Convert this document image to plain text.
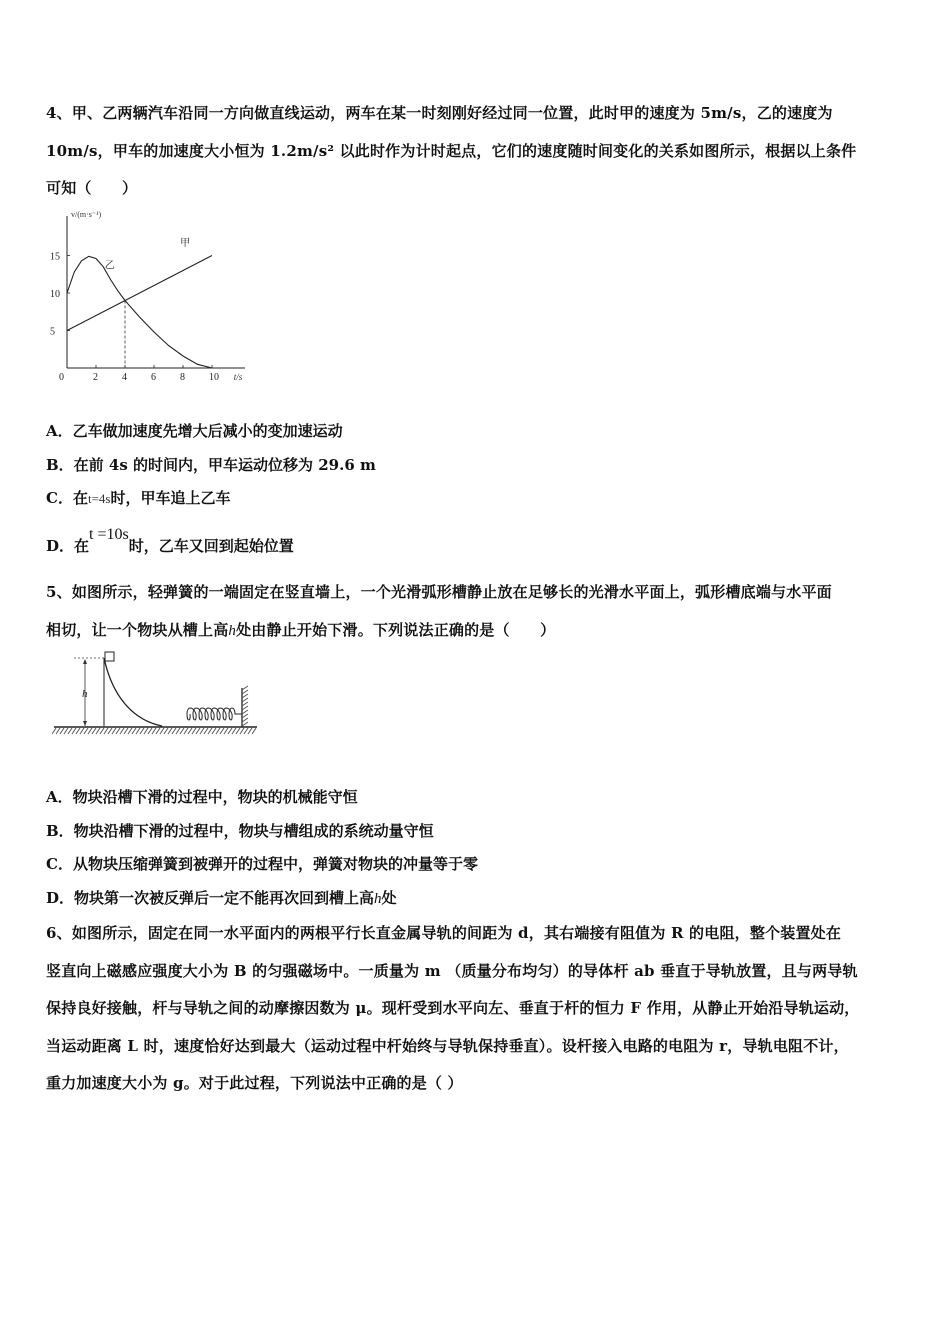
4、甲、乙两辆汽车沿同一方向做直线运动，两车在某一时刻刚好经过同一位置，此时甲的速度为 5m/s，乙的速度为
10m/s，甲车的加速度大小恒为 1.2m/s² 以此时作为计时起点，它们的速度随时间变化的关系如图所示，根据以上条件
可知（　　）
v/(m·s⁻¹)
t/s
0	2 4 6 8 10
5
10
15
甲
乙
A．乙车做加速度先增大后减小的变加速运动
B．在前 4s 的时间内，甲车运动位移为 29.6 m
C．在t=4s时，甲车追上乙车
D．在t =10s时，乙车又回到起始位置
5、如图所示，轻弹簧的一端固定在竖直墙上，一个光滑弧形槽静止放在足够长的光滑水平面上，弧形槽底端与水平面
相切，让一个物块从槽上高h处由静止开始下滑。下列说法正确的是（　　）
h
A．物块沿槽下滑的过程中，物块的机械能守恒
B．物块沿槽下滑的过程中，物块与槽组成的系统动量守恒
C．从物块压缩弹簧到被弹开的过程中，弹簧对物块的冲量等于零
D．物块第一次被反弹后一定不能再次回到槽上高h处
6、如图所示，固定在同一水平面内的两根平行长直金属导轨的间距为 d，其右端接有阻值为 R 的电阻，整个装置处在
竖直向上磁感应强度大小为 B 的匀强磁场中。一质量为 m （质量分布均匀）的导体杆 ab 垂直于导轨放置，且与两导轨
保持良好接触，杆与导轨之间的动摩擦因数为 μ。现杆受到水平向左、垂直于杆的恒力 F 作用，从静止开始沿导轨运动，
当运动距离 L 时，速度恰好达到最大（运动过程中杆始终与导轨保持垂直）。设杆接入电路的电阻为 r，导轨电阻不计，
重力加速度大小为 g。对于此过程，下列说法中正确的是（ ）
